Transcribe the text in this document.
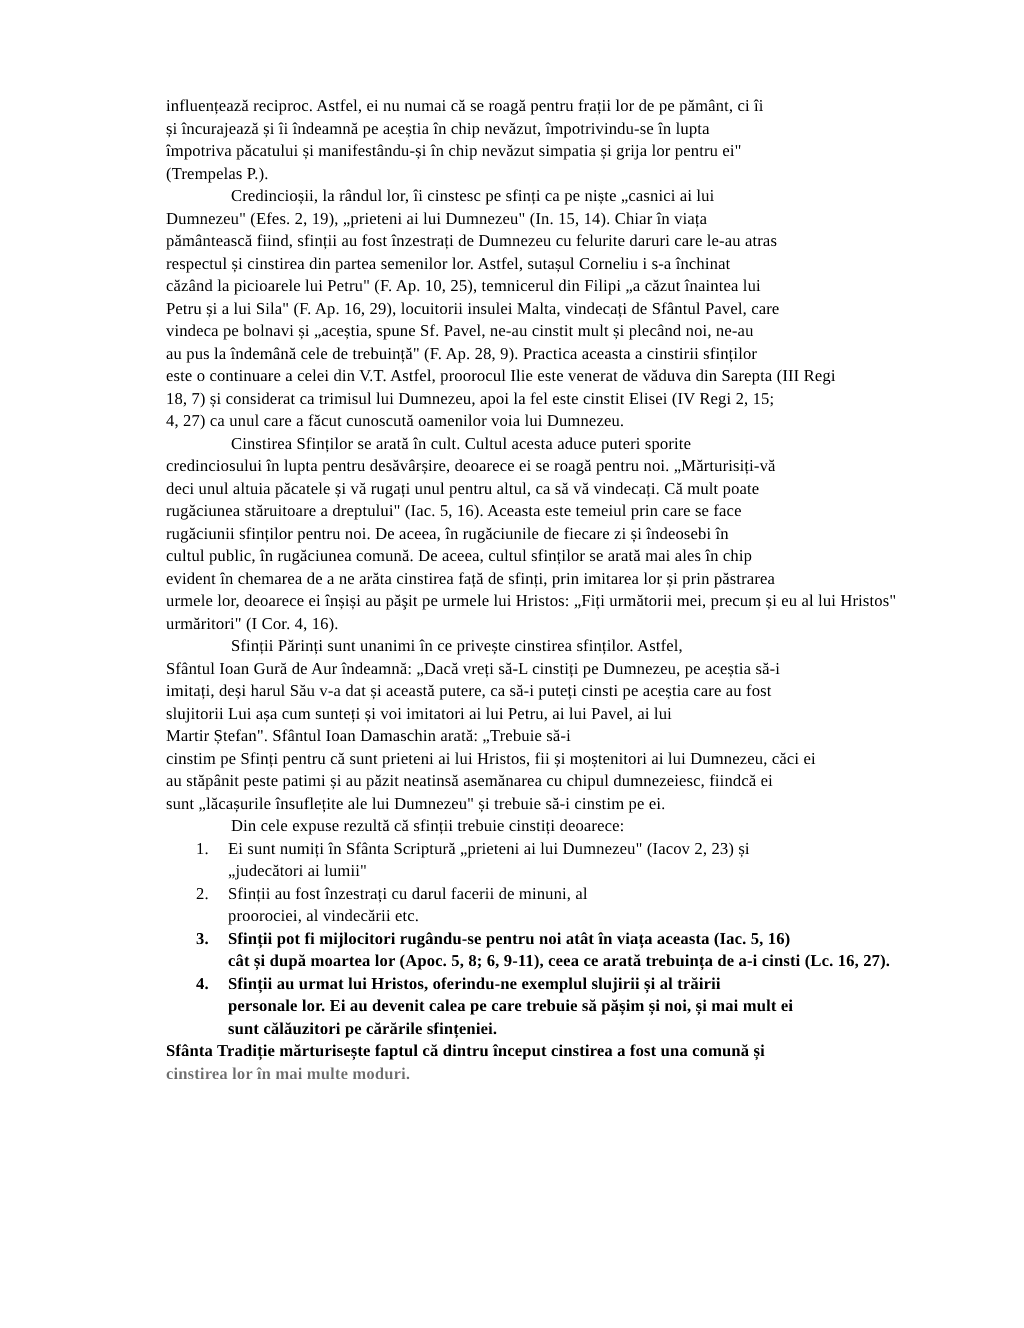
influențează reciproc. Astfel, ei nu numai că se roagă pentru frații lor de pe pământ, ci îi
și încurajează și îi îndeamnă pe aceștia în chip nevăzut, împotrivindu-se în lupta
împotriva păcatului și manifestându-și în chip nevăzut simpatia și grija lor pentru ei"
(Trempelas P.).
Credincioșii, la rândul lor, îi cinstesc pe sfinți ca pe niște „casnici ai lui
Dumnezeu" (Efes. 2, 19), „prieteni ai lui Dumnezeu" (In. 15, 14). Chiar în viața
pământească fiind, sfinții au fost înzestrați de Dumnezeu cu felurite daruri care le-au atras
respectul și cinstirea din partea semenilor lor. Astfel, sutașul Corneliu i s-a închinat
căzând la picioarele lui Petru" (F. Ap. 10, 25), temnicerul din Filipi „a căzut înaintea lui
Petru și a lui Sila" (F. Ap. 16, 29), locuitorii insulei Malta, vindecați de Sfântul Pavel, care
vindeca pe bolnavi și „aceștia, spune Sf. Pavel, ne-au cinstit mult și plecând noi, ne-au
au pus la îndemână cele de trebuință" (F. Ap. 28, 9). Practica aceasta a cinstirii sfinților
este o continuare a celei din V.T. Astfel, proorocul Ilie este venerat de văduva din Sarepta (III Regi
18, 7) și considerat ca trimisul lui Dumnezeu, apoi la fel este cinstit Elisei (IV Regi 2, 15;
4, 27) ca unul care a făcut cunoscută oamenilor voia lui Dumnezeu.
Cinstirea Sfinților se arată în cult. Cultul acesta aduce puteri sporite
credinciosului în lupta pentru desăvârșire, deoarece ei se roagă pentru noi. „Mărturisiți-vă
deci unul altuia păcatele și vă rugați unul pentru altul, ca să vă vindecați. Că mult poate
rugăciunea stăruitoare a dreptului" (Iac. 5, 16). Aceasta este temeiul prin care se face
rugăciunii sfinților pentru noi. De aceea, în rugăciunile de fiecare zi și îndeosebi în
cultul public, în rugăciunea comună. De aceea, cultul sfinților se arată mai ales în chip
evident în chemarea de a ne arăta cinstirea față de sfinți, prin imitarea lor și prin păstrarea
urmele lor, deoarece ei înșiși au păşit pe urmele lui Hristos: „Fiți următorii mei, precum și eu al lui Hristos"
urmăritori" (I Cor. 4, 16).
Sfinții Părinți sunt unanimi în ce privește cinstirea sfinților. Astfel,
Sfântul Ioan Gură de Aur îndeamnă: „Dacă vreți să-L cinstiți pe Dumnezeu, pe aceștia să-i
imitați, deși harul Său v-a dat și această putere, ca să-i puteți cinsti pe aceștia care au fost
slujitorii Lui așa cum sunteți și voi imitatori ai lui Petru, ai lui Pavel, ai lui
Martir Ștefan". Sfântul Ioan Damaschin arată: „Trebuie să-i
cinstim pe Sfinți pentru că sunt prieteni ai lui Hristos, fii și moștenitori ai lui Dumnezeu, căci ei
au stăpânit peste patimi și au păzit neatinsă asemănarea cu chipul dumnezeiesc, fiindcă ei
sunt „lăcașurile însuflețite ale lui Dumnezeu" și trebuie să-i cinstim pe ei.
Din cele expuse rezultă că sfinții trebuie cinstiți deoarece:
1. Ei sunt numiți în Sfânta Scriptură „prieteni ai lui Dumnezeu" (Iacov 2, 23) și
„judecători ai lumii"
2. Sfinții au fost înzestrați cu darul facerii de minuni, al
proorociei, al vindecării etc.
3. Sfinții pot fi mijlocitori rugându-se pentru noi atât în viața aceasta (Iac. 5, 16)
cât și după moartea lor (Apoc. 5, 8; 6, 9-11), ceea ce arată trebuința de a-i cinsti (Lc. 16, 27).
4. Sfinții au urmat lui Hristos, oferindu-ne exemplul slujirii și al trăirii
personale lor. Ei au devenit calea pe care trebuie să pășim și noi, și mai mult ei
sunt călăuzitori pe cărările sfințeniei.
Sfânta Tradiție mărturisește faptul că dintru început cinstirea a fost una comună și
cinstirea lor în mai multe moduri.
